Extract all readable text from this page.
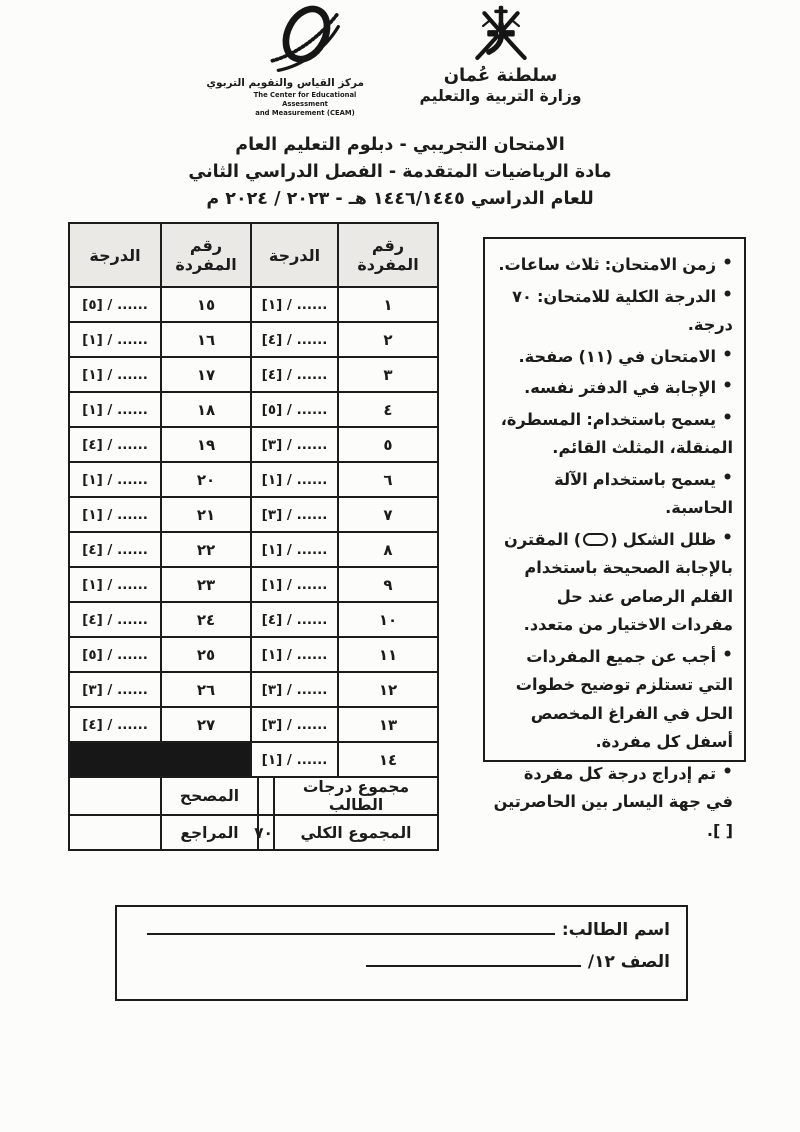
مركز القياس والتقويم التربوي
The Center for Educational Assessment
and Measurement (CEAM)
سلطنة عُمان
وزارة التربية والتعليم
الامتحان التجريبي - دبلوم التعليم العام
مادة الرياضيات المتقدمة - الفصل الدراسي الثاني
للعام الدراسي ١٤٤٦/١٤٤٥ هـ - ٢٠٢٣ / ٢٠٢٤ م
الدرجة	رقم المفردة	الدرجة	رقم المفردة
[٥] / ......	١٥	[١] / ......	١
[١] / ......	١٦	[٤] / ......	٢
[١] / ......	١٧	[٤] / ......	٣
[١] / ......	١٨	[٥] / ......	٤
[٤] / ......	١٩	[٣] / ......	٥
[١] / ......	٢٠	[١] / ......	٦
[١] / ......	٢١	[٣] / ......	٧
[٤] / ......	٢٢	[١] / ......	٨
[١] / ......	٢٣	[١] / ......	٩
[٤] / ......	٢٤	[٤] / ......	١٠
[٥] / ......	٢٥	[١] / ......	١١
[٣] / ......	٢٦	[٣] / ......	١٢
[٤] / ......	٢٧	[٣] / ......	١٣
		[١] / ......	١٤
	المصحح		مجموع درجات الطالب
	المراجع	٧٠	المجموع الكلي
•زمن الامتحان: ثلاث ساعات.
•الدرجة الكلية للامتحان: ٧٠ درجة.
•الامتحان في (١١) صفحة.
•الإجابة في الدفتر نفسه.
•يسمح باستخدام: المسطرة، المنقلة، المثلث القائم.
•يسمح باستخدام الآلة الحاسبة.
•ظلل الشكل () المقترن بالإجابة الصحيحة باستخدام القلم الرصاص عند حل مفردات الاختيار من متعدد.
•أجب عن جميع المفردات التي تستلزم توضيح خطوات الحل في الفراغ المخصص أسفل كل مفردة.
•تم إدراج درجة كل مفردة في جهة اليسار بين الحاصرتين [ ].
اسم الطالب:
الصف ١٢/
